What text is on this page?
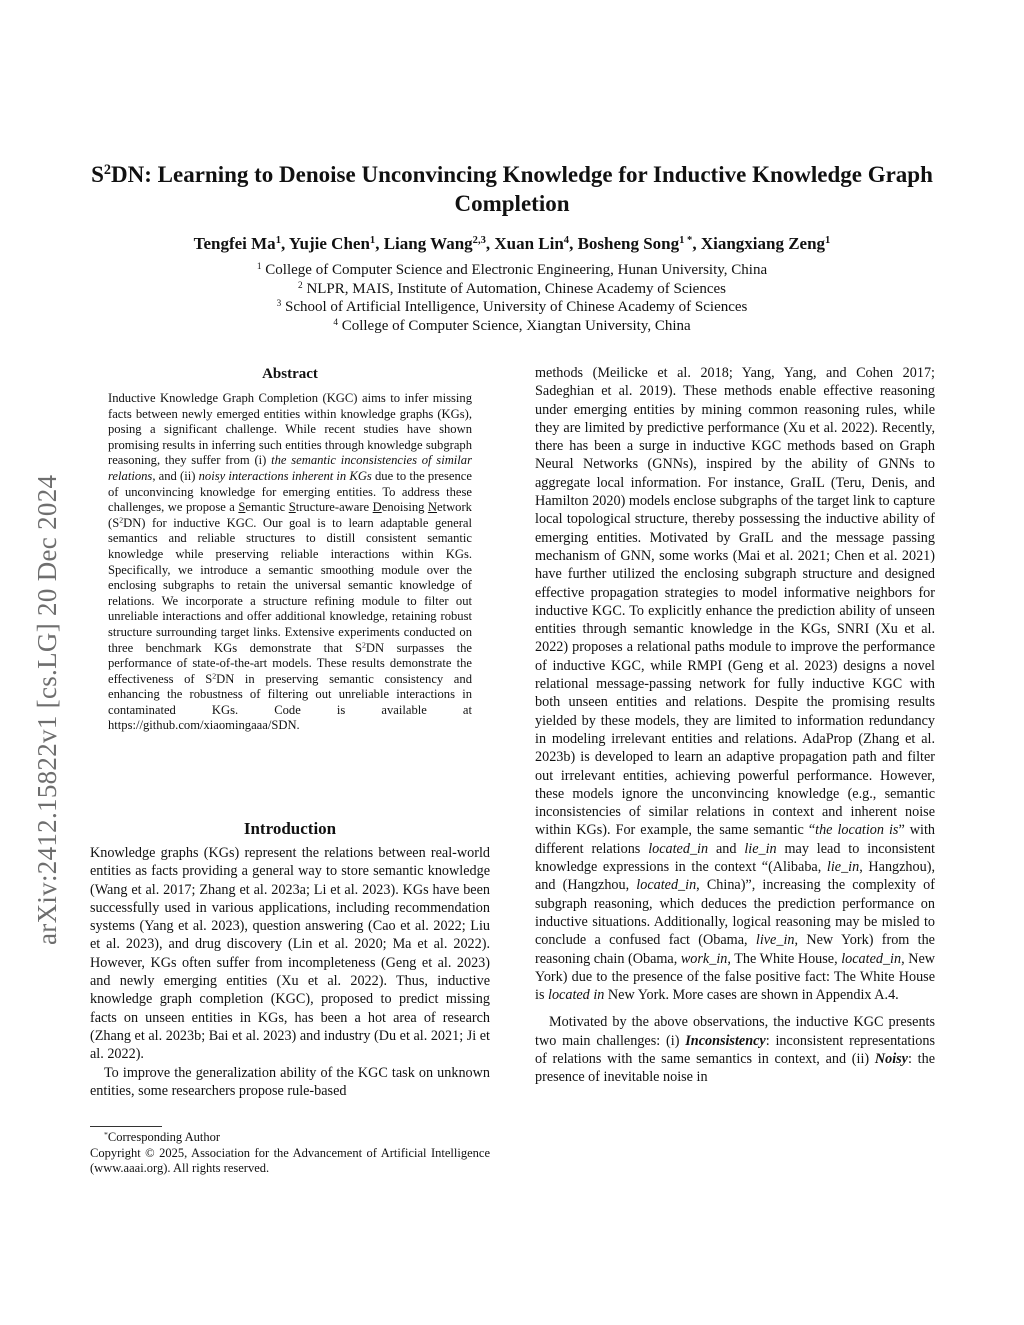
arXiv:2412.15822v1 [cs.LG] 20 Dec 2024
$S^2DN$: Learning to Denoise Unconvincing Knowledge for Inductive Knowledge Graph Completion
Tengfei Ma$^1$, Yujie Chen$^1$, Liang Wang$^{2,3}$, Xuan Lin$^4$, Bosheng Song$^{1 *}$, Xiangxiang Zeng$^1$
$^1$ College of Computer Science and Electronic Engineering, Hunan University, China
$^2$ NLPR, MAIS, Institute of Automation, Chinese Academy of Sciences
$^3$ School of Artificial Intelligence, University of Chinese Academy of Sciences
$^4$ College of Computer Science, Xiangtan University, China
Abstract
Inductive Knowledge Graph Completion (KGC) aims to infer missing facts between newly emerged entities within knowledge graphs (KGs), posing a significant challenge. While recent studies have shown promising results in inferring such entities through knowledge subgraph reasoning, they suffer from (i) the semantic inconsistencies of similar relations, and (ii) noisy interactions inherent in KGs due to the presence of unconvincing knowledge for emerging entities. To address these challenges, we propose a Semantic Structure-aware Denoising Network $(S^2DN)$ for inductive KGC. Our goal is to learn adaptable general semantics and reliable structures to distill consistent semantic knowledge while preserving reliable interactions within KGs. Specifically, we introduce a semantic smoothing module over the enclosing subgraphs to retain the universal semantic knowledge of relations. We incorporate a structure refining module to filter out unreliable interactions and offer additional knowledge, retaining robust structure surrounding target links. Extensive experiments conducted on three benchmark KGs demonstrate that $S^2DN$ surpasses the performance of state-of-the-art models. These results demonstrate the effectiveness of $S^2DN$ in preserving semantic consistency and enhancing the robustness of filtering out unreliable interactions in contaminated KGs. Code is available at https://github.com/xiaomingaaa/SDN.
Introduction

Knowledge graphs (KGs) represent the relations between real-world entities as facts providing a general way to store semantic knowledge (Wang et al. 2017; Zhang et al. 2023a; Li et al. 2023). KGs have been successfully used in various applications, including recommendation systems (Yang et al. 2023), question answering (Cao et al. 2022; Liu et al. 2023), and drug discovery (Lin et al. 2020; Ma et al. 2022). However, KGs often suffer from incompleteness (Geng et al. 2023) and newly emerging entities (Xu et al. 2022). Thus, inductive knowledge graph completion (KGC), proposed to predict missing facts on unseen entities in KGs, has been a hot area of research (Zhang et al. 2023b; Bai et al. 2023) and industry (Du et al. 2021; Ji et al. 2022).

To improve the generalization ability of the KGC task on unknown entities, some researchers propose rule-based

*Corresponding Author
Copyright © 2025, Association for the Advancement of Artificial Intelligence (www.aaai.org). All rights reserved.

methods (Meilicke et al. 2018; Yang, Yang, and Cohen 2017; Sadeghian et al. 2019). These methods enable effective reasoning under emerging entities by mining common reasoning rules, while they are limited by predictive performance (Xu et al. 2022). Recently, there has been a surge in inductive KGC methods based on Graph Neural Networks (GNNs), inspired by the ability of GNNs to aggregate local information. For instance, GraIL (Teru, Denis, and Hamilton 2020) models enclose subgraphs of the target link to capture local topological structure, thereby possessing the inductive ability of emerging entities. Motivated by GraIL and the message passing mechanism of GNN, some works (Mai et al. 2021; Chen et al. 2021) have further utilized the enclosing subgraph structure and designed effective propagation strategies to model informative neighbors for inductive KGC. To explicitly enhance the prediction ability of unseen entities through semantic knowledge in the KGs, SNRI (Xu et al. 2022) proposes a relational paths module to improve the performance of inductive KGC, while RMPI (Geng et al. 2023) designs a novel relational message-passing network for fully inductive KGC with both unseen entities and relations. Despite the promising results yielded by these models, they are limited to information redundancy in modeling irrelevant entities and relations. AdaProp (Zhang et al. 2023b) is developed to learn an adaptive propagation path and filter out irrelevant entities, achieving powerful performance. However, these models ignore the unconvincing knowledge (e.g., semantic inconsistencies of similar relations in context and inherent noise within KGs). For example, the same semantic “the location is” with different relations located_in and lie_in may lead to inconsistent knowledge expressions in the context “(Alibaba, lie_in, Hangzhou), and (Hangzhou, located_in, China)”, increasing the complexity of subgraph reasoning, which deduces the prediction performance on inductive situations. Additionally, logical reasoning may be misled to conclude a confused fact (Obama, live_in, New York) from the reasoning chain (Obama, work_in, The White House, located_in, New York) due to the presence of the false positive fact: The White House is located in New York. More cases are shown in Appendix A.4.

Motivated by the above observations, the inductive KGC presents two main challenges: (i) Inconsistency: inconsistent representations of relations with the same semantics in context, and (ii) Noisy: the presence of inevitable noise in
